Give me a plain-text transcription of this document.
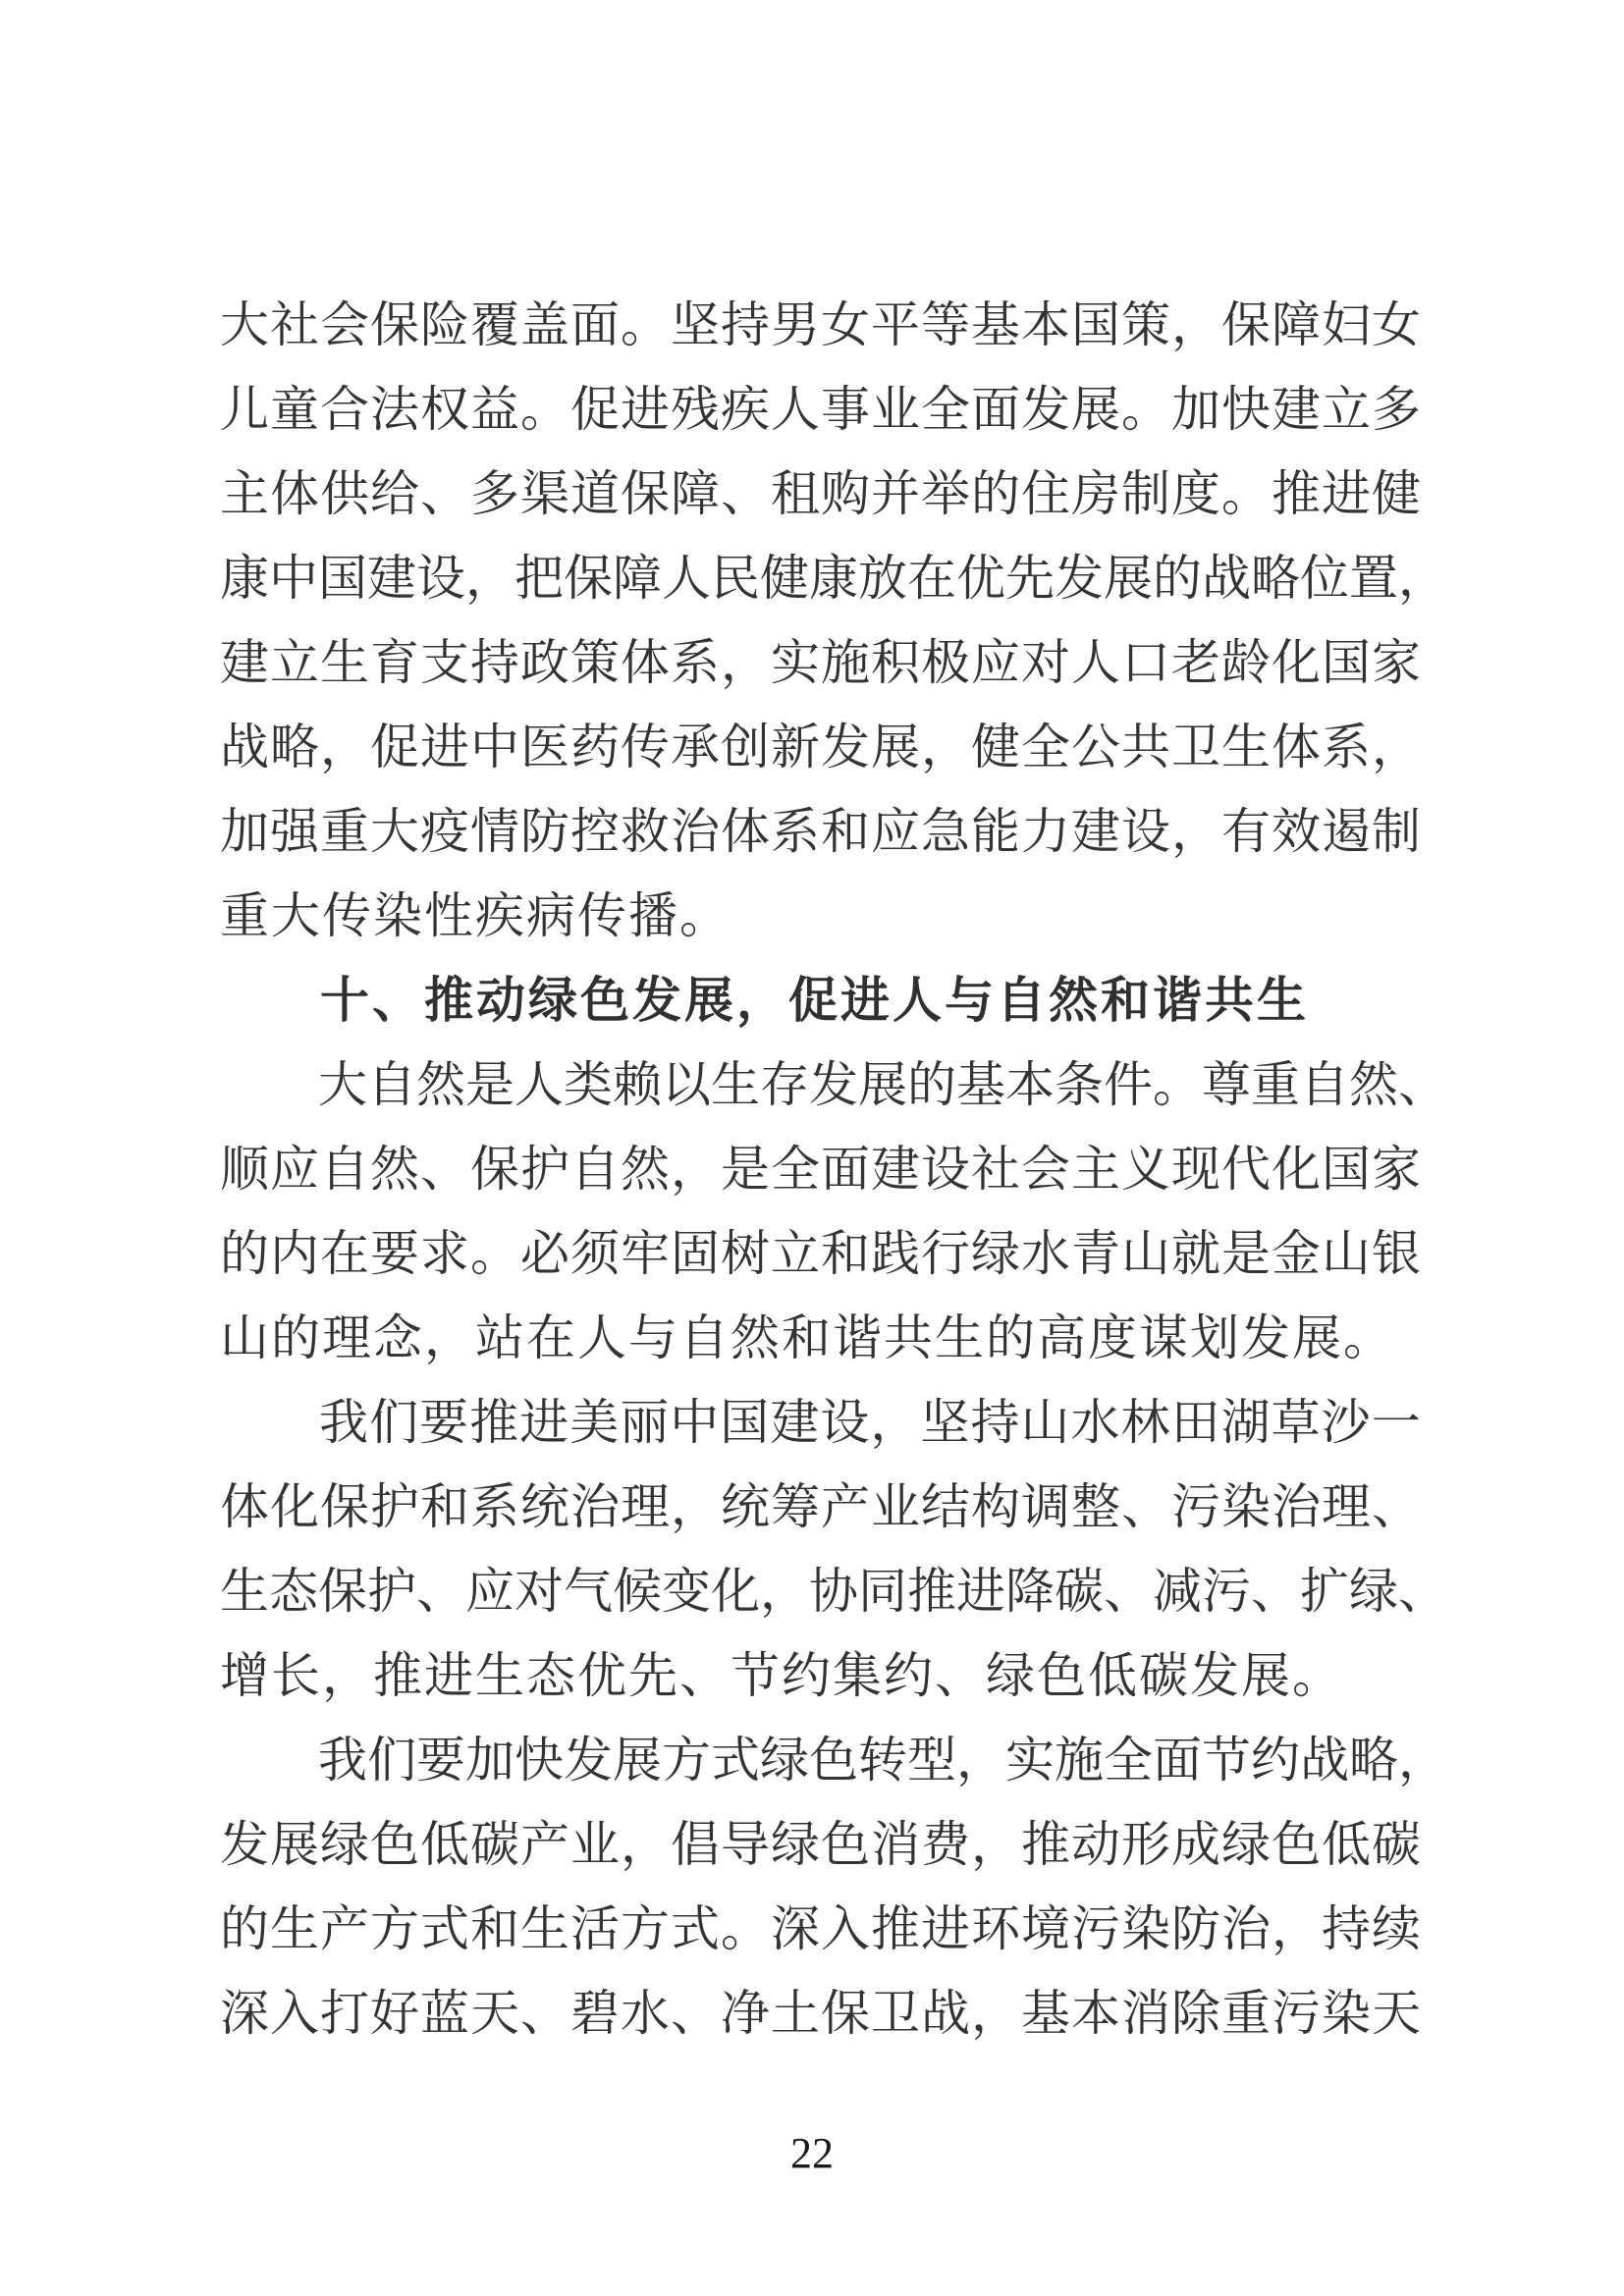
大 社 会 保 险 覆 盖 面 。 坚 持 男 女 平 等 基 本 国 策 ， 保 障 妇 女
儿 童 合 法 权 益 。 促 进 残 疾 人 事 业 全 面 发 展 。 加 快 建 立 多
主 体 供 给 、 多 渠 道 保 障 、 租 购 并 举 的 住 房 制 度 。 推 进 健
康 中 国 建 设 ， 把 保 障 人 民 健 康 放 在 优 先 发 展 的 战 略 位 置 ，
建 立 生 育 支 持 政 策 体 系 ， 实 施 积 极 应 对 人 口 老 龄 化 国 家
战 略 ， 促 进 中 医 药 传 承 创 新 发 展 ， 健 全 公 共 卫 生 体 系 ，
加 强 重 大 疫 情 防 控 救 治 体 系 和 应 急 能 力 建 设 ， 有 效 遏 制
重 大 传 染 性 疾 病 传 播 。
十 、 推 动 绿 色 发 展 ， 促 进 人 与 自 然 和 谐 共 生
大 自 然 是 人 类 赖 以 生 存 发 展 的 基 本 条 件 。 尊 重 自 然 、
顺 应 自 然 、 保 护 自 然 ， 是 全 面 建 设 社 会 主 义 现 代 化 国 家
的 内 在 要 求 。 必 须 牢 固 树 立 和 践 行 绿 水 青 山 就 是 金 山 银
山 的 理 念 ， 站 在 人 与 自 然 和 谐 共 生 的 高 度 谋 划 发 展 。
我 们 要 推 进 美 丽 中 国 建 设 ， 坚 持 山 水 林 田 湖 草 沙 一
体 化 保 护 和 系 统 治 理 ， 统 筹 产 业 结 构 调 整 、 污 染 治 理 、
生 态 保 护 、 应 对 气 候 变 化 ， 协 同 推 进 降 碳 、 减 污 、 扩 绿 、
增 长 ， 推 进 生 态 优 先 、 节 约 集 约 、 绿 色 低 碳 发 展 。
我 们 要 加 快 发 展 方 式 绿 色 转 型 ， 实 施 全 面 节 约 战 略 ，
发 展 绿 色 低 碳 产 业 ， 倡 导 绿 色 消 费 ， 推 动 形 成 绿 色 低 碳
的 生 产 方 式 和 生 活 方 式 。 深 入 推 进 环 境 污 染 防 治 ， 持 续
深 入 打 好 蓝 天 、 碧 水 、 净 土 保 卫 战 ， 基 本 消 除 重 污 染 天
22
